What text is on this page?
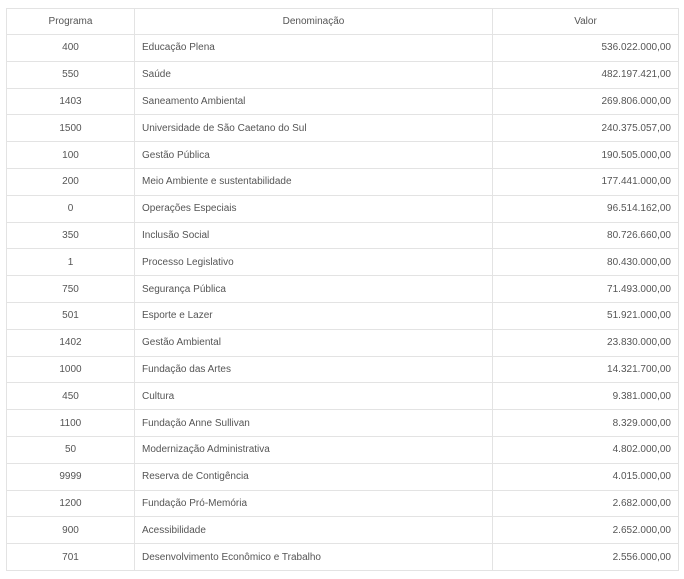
Programa	Denominação	Valor
400	Educação Plena	536.022.000,00
550	Saúde	482.197.421,00
1403	Saneamento Ambiental	269.806.000,00
1500	Universidade de São Caetano do Sul	240.375.057,00
100	Gestão Pública	190.505.000,00
200	Meio Ambiente e sustentabilidade	177.441.000,00
0	Operações Especiais	96.514.162,00
350	Inclusão Social	80.726.660,00
1	Processo Legislativo	80.430.000,00
750	Segurança Pública	71.493.000,00
501	Esporte e Lazer	51.921.000,00
1402	Gestão Ambiental	23.830.000,00
1000	Fundação das Artes	14.321.700,00
450	Cultura	9.381.000,00
1100	Fundação Anne Sullivan	8.329.000,00
50	Modernização Administrativa	4.802.000,00
9999	Reserva de Contigência	4.015.000,00
1200	Fundação Pró-Memória	2.682.000,00
900	Acessibilidade	2.652.000,00
701	Desenvolvimento Econômico e Trabalho	2.556.000,00
